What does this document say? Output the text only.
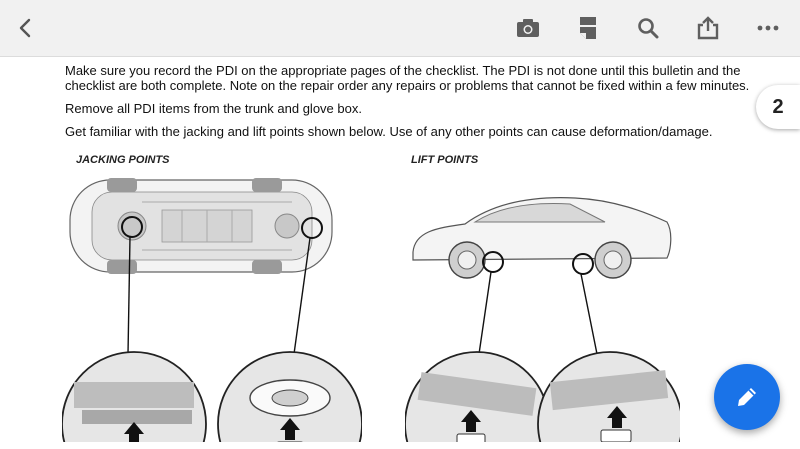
Make sure you record the PDI on the appropriate pages of the checklist. The PDI is not done until this bulletin and the
checklist are both complete. Note on the repair order any repairs or problems that cannot be fixed within a few minutes.
Remove all PDI items from the trunk and glove box.
Get familiar with the jacking and lift points shown below. Use of any other points can cause deformation/damage.
JACKING POINTS	LIFT POINTS
2
